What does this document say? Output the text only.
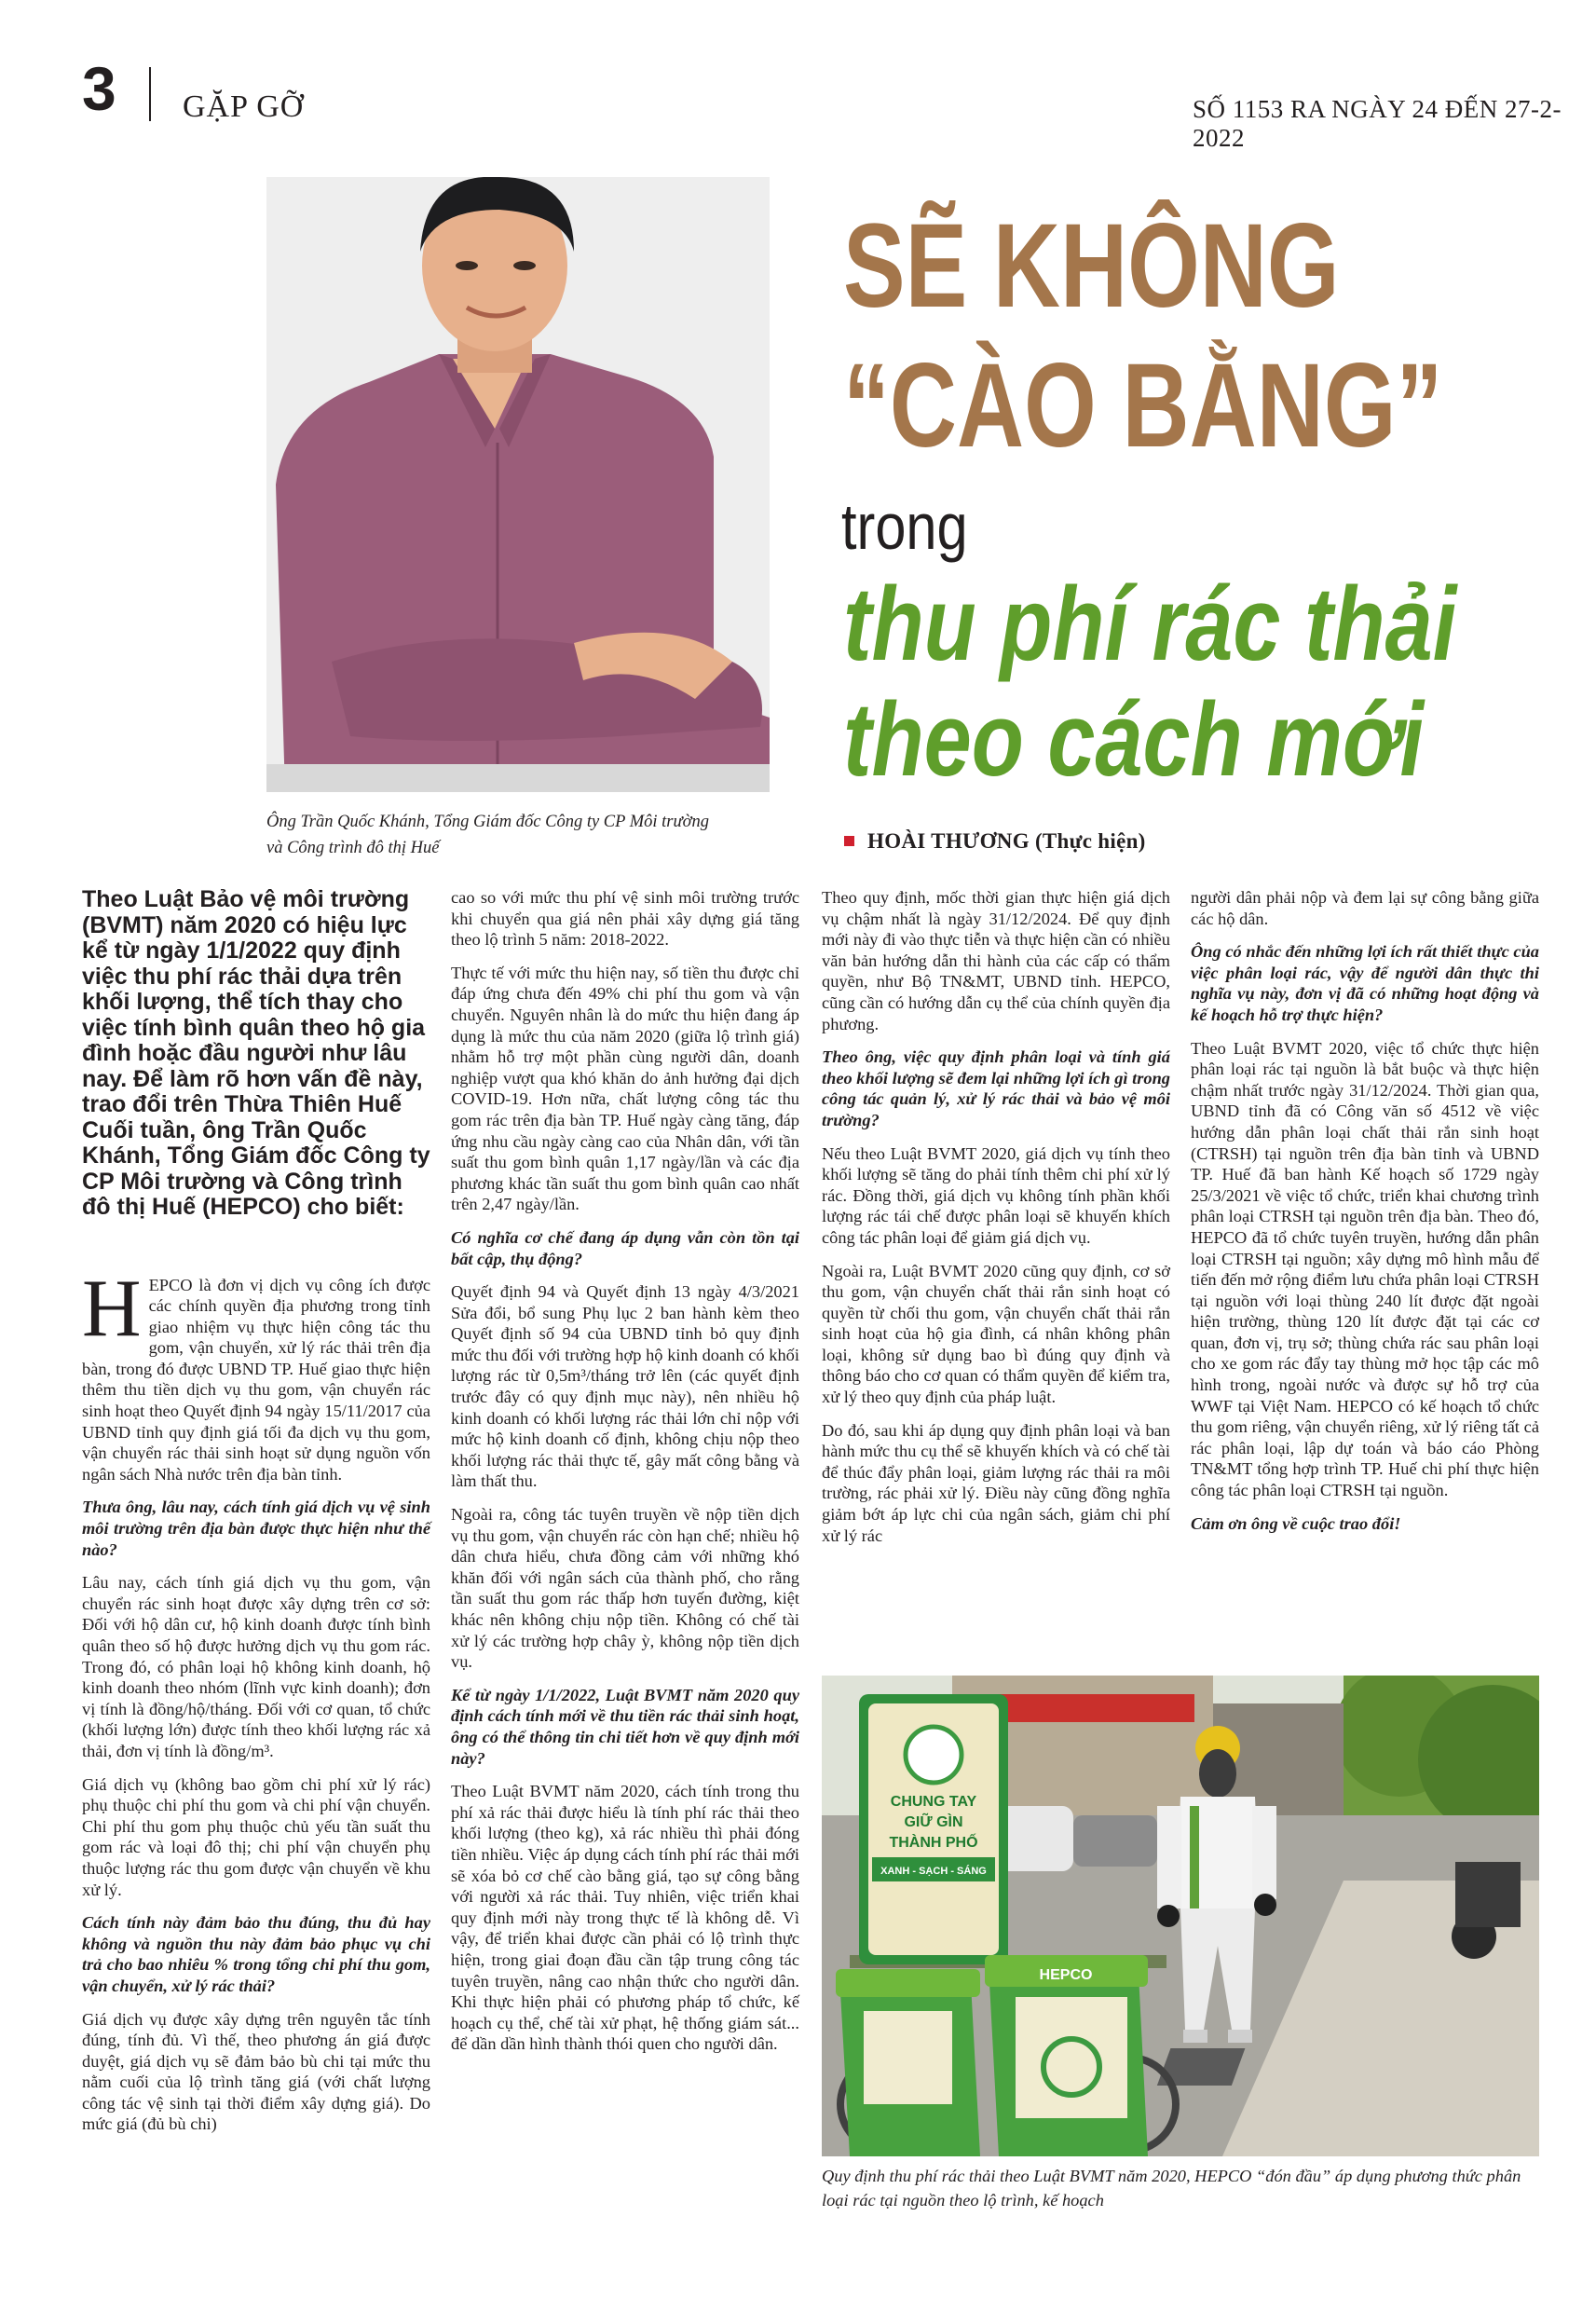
3 GẶP GỠ	SỐ 1153 RA NGÀY 24 ĐẾN 27-2-2022
Ông Trần Quốc Khánh, Tổng Giám đốc Công ty CP Môi trường
và Công trình đô thị Huế
SẼ KHÔNG
“CÀO BẰNG”
trong
thu phí rác thải
theo cách mới
HOÀI THƯƠNG (Thực hiện)

Theo Luật Bảo vệ môi trường (BVMT) năm 2020 có hiệu lực kể từ ngày 1/1/2022 quy định việc thu phí rác thải dựa trên khối lượng, thể tích thay cho việc tính bình quân theo hộ gia đình hoặc đầu người như lâu nay. Để làm rõ hơn vấn đề này, trao đổi trên Thừa Thiên Huế Cuối tuần, ông Trần Quốc Khánh, Tổng Giám đốc Công ty CP Môi trường và Công trình đô thị Huế (HEPCO) cho biết:

HEPCO là đơn vị dịch vụ công ích được các chính quyền địa phương trong tỉnh giao nhiệm vụ thực hiện công tác thu gom, vận chuyển, xử lý rác thải trên địa bàn, trong đó được UBND TP. Huế giao thực hiện thêm thu tiền dịch vụ thu gom, vận chuyển rác sinh hoạt theo Quyết định 94 ngày 15/11/2017 của UBND tỉnh quy định giá tối đa dịch vụ thu gom, vận chuyển rác thải sinh hoạt sử dụng nguồn vốn ngân sách Nhà nước trên địa bàn tỉnh.

Thưa ông, lâu nay, cách tính giá dịch vụ vệ sinh môi trường trên địa bàn được thực hiện như thế nào?

Lâu nay, cách tính giá dịch vụ thu gom, vận chuyển rác sinh hoạt được xây dựng trên cơ sở: Đối với hộ dân cư, hộ kinh doanh được tính bình quân theo số hộ được hưởng dịch vụ thu gom rác. Trong đó, có phân loại hộ không kinh doanh, hộ kinh doanh theo nhóm (lĩnh vực kinh doanh); đơn vị tính là đồng/hộ/tháng. Đối với cơ quan, tổ chức (khối lượng lớn) được tính theo khối lượng rác xả thải, đơn vị tính là đồng/m³.

Giá dịch vụ (không bao gồm chi phí xử lý rác) phụ thuộc chi phí thu gom và chi phí vận chuyển. Chi phí thu gom phụ thuộc chủ yếu tần suất thu gom rác và loại đô thị; chi phí vận chuyển phụ thuộc lượng rác thu gom được vận chuyển về khu xử lý.

Cách tính này đảm bảo thu đúng, thu đủ hay không và nguồn thu này đảm bảo phục vụ chi trả cho bao nhiêu % trong tổng chi phí thu gom, vận chuyển, xử lý rác thải?

Giá dịch vụ được xây dựng trên nguyên tắc tính đúng, tính đủ. Vì thế, theo phương án giá được duyệt, giá dịch vụ sẽ đảm bảo bù chi tại mức thu nằm cuối của lộ trình tăng giá (với chất lượng công tác vệ sinh tại thời điểm xây dựng giá). Do mức giá (đủ bù chi)

cao so với mức thu phí vệ sinh môi trường trước khi chuyển qua giá nên phải xây dựng giá tăng theo lộ trình 5 năm: 2018-2022.

Thực tế với mức thu hiện nay, số tiền thu được chỉ đáp ứng chưa đến 49% chi phí thu gom và vận chuyển. Nguyên nhân là do mức thu hiện đang áp dụng là mức thu của năm 2020 (giữa lộ trình giá) nhằm hỗ trợ một phần cùng người dân, doanh nghiệp vượt qua khó khăn do ảnh hưởng đại dịch COVID-19. Hơn nữa, chất lượng công tác thu gom rác trên địa bàn TP. Huế ngày càng tăng, đáp ứng nhu cầu ngày càng cao của Nhân dân, với tần suất thu gom bình quân 1,17 ngày/lần và các địa phương khác tần suất thu gom bình quân cao nhất trên 2,47 ngày/lần.

Có nghĩa cơ chế đang áp dụng vẫn còn tồn tại bất cập, thụ động?

Quyết định 94 và Quyết định 13 ngày 4/3/2021 Sửa đổi, bổ sung Phụ lục 2 ban hành kèm theo Quyết định số 94 của UBND tỉnh bỏ quy định mức thu đối với trường hợp hộ kinh doanh có khối lượng rác từ 0,5m³/tháng trở lên (các quyết định trước đây có quy định mục này), nên nhiều hộ kinh doanh có khối lượng rác thải lớn chỉ nộp với mức hộ kinh doanh cố định, không chịu nộp theo khối lượng rác thải thực tế, gây mất công bằng và làm thất thu.

Ngoài ra, công tác tuyên truyền về nộp tiền dịch vụ thu gom, vận chuyển rác còn hạn chế; nhiều hộ dân chưa hiểu, chưa đồng cảm với những khó khăn đối với ngân sách của thành phố, cho rằng tần suất thu gom rác thấp hơn tuyến đường, kiệt khác nên không chịu nộp tiền. Không có chế tài xử lý các trường hợp chây ỳ, không nộp tiền dịch vụ.

Kể từ ngày 1/1/2022, Luật BVMT năm 2020 quy định cách tính mới về thu tiền rác thải sinh hoạt, ông có thể thông tin chi tiết hơn về quy định mới này?

Theo Luật BVMT năm 2020, cách tính trong thu phí xả rác thải được hiểu là tính phí rác thải theo khối lượng (theo kg), xả rác nhiều thì phải đóng tiền nhiều. Việc áp dụng cách tính phí rác thải mới sẽ xóa bỏ cơ chế cào bằng giá, tạo sự công bằng với người xả rác thải. Tuy nhiên, việc triển khai quy định mới này trong thực tế là không dễ. Vì vậy, để triển khai được cần phải có lộ trình thực hiện, trong giai đoạn đầu cần tập trung công tác tuyên truyền, nâng cao nhận thức cho người dân. Khi thực hiện phải có phương pháp tổ chức, kế hoạch cụ thể, chế tài xử phạt, hệ thống giám sát... để dần dần hình thành thói quen cho người dân.

Theo quy định, mốc thời gian thực hiện giá dịch vụ chậm nhất là ngày 31/12/2024. Để quy định mới này đi vào thực tiễn và thực hiện cần có nhiều văn bản hướng dẫn thi hành của các cấp có thẩm quyền, như Bộ TN&MT, UBND tỉnh. HEPCO, cũng cần có hướng dẫn cụ thể của chính quyền địa phương.

Theo ông, việc quy định phân loại và tính giá theo khối lượng sẽ đem lại những lợi ích gì trong công tác quản lý, xử lý rác thải và bảo vệ môi trường?

Nếu theo Luật BVMT 2020, giá dịch vụ tính theo khối lượng sẽ tăng do phải tính thêm chi phí xử lý rác. Đồng thời, giá dịch vụ không tính phần khối lượng rác tái chế được phân loại sẽ khuyến khích công tác phân loại để giảm giá dịch vụ.

Ngoài ra, Luật BVMT 2020 cũng quy định, cơ sở thu gom, vận chuyển chất thải rắn sinh hoạt có quyền từ chối thu gom, vận chuyển chất thải rắn sinh hoạt của hộ gia đình, cá nhân không phân loại, không sử dụng bao bì đúng quy định và thông báo cho cơ quan có thẩm quyền để kiểm tra, xử lý theo quy định của pháp luật.

Do đó, sau khi áp dụng quy định phân loại và ban hành mức thu cụ thể sẽ khuyến khích và có chế tài để thúc đẩy phân loại, giảm lượng rác thải ra môi trường, rác phải xử lý. Điều này cũng đồng nghĩa giảm bớt áp lực chi của ngân sách, giảm chi phí xử lý rác

người dân phải nộp và đem lại sự công bằng giữa các hộ dân.

Ông có nhắc đến những lợi ích rất thiết thực của việc phân loại rác, vậy để người dân thực thi nghĩa vụ này, đơn vị đã có những hoạt động và kế hoạch hỗ trợ thực hiện?

Theo Luật BVMT 2020, việc tổ chức thực hiện phân loại rác tại nguồn là bắt buộc và thực hiện chậm nhất trước ngày 31/12/2024. Thời gian qua, UBND tỉnh đã có Công văn số 4512 về việc hướng dẫn phân loại chất thải rắn sinh hoạt (CTRSH) tại nguồn trên địa bàn tỉnh và UBND TP. Huế đã ban hành Kế hoạch số 1729 ngày 25/3/2021 về việc tổ chức, triển khai chương trình phân loại CTRSH tại nguồn trên địa bàn. Theo đó, HEPCO đã tổ chức tuyên truyền, hướng dẫn phân loại CTRSH tại nguồn; xây dựng mô hình mẫu để tiến đến mở rộng điểm lưu chứa phân loại CTRSH tại nguồn với loại thùng 240 lít được đặt ngoài hiện trường, thùng 120 lít được đặt tại các cơ quan, đơn vị, trụ sở; thùng chứa rác sau phân loại cho xe gom rác đẩy tay thùng mở học tập các mô hình trong, ngoài nước và được sự hỗ trợ của WWF tại Việt Nam. HEPCO có kế hoạch tổ chức thu gom riêng, vận chuyển riêng, xử lý riêng tất cả rác phân loại, lập dự toán và báo cáo Phòng TN&MT tổng hợp trình TP. Huế chi phí thực hiện công tác phân loại CTRSH tại nguồn.

Cảm ơn ông về cuộc trao đổi!

CHUNG TAY
GIỮ GÌN
THÀNH PHỐ
XANH - SẠCH - SÁNG
HEPCO
Quy định thu phí rác thải theo Luật BVMT năm 2020, HEPCO “đón đầu” áp dụng phương thức phân loại rác tại nguồn theo lộ trình, kế hoạch
